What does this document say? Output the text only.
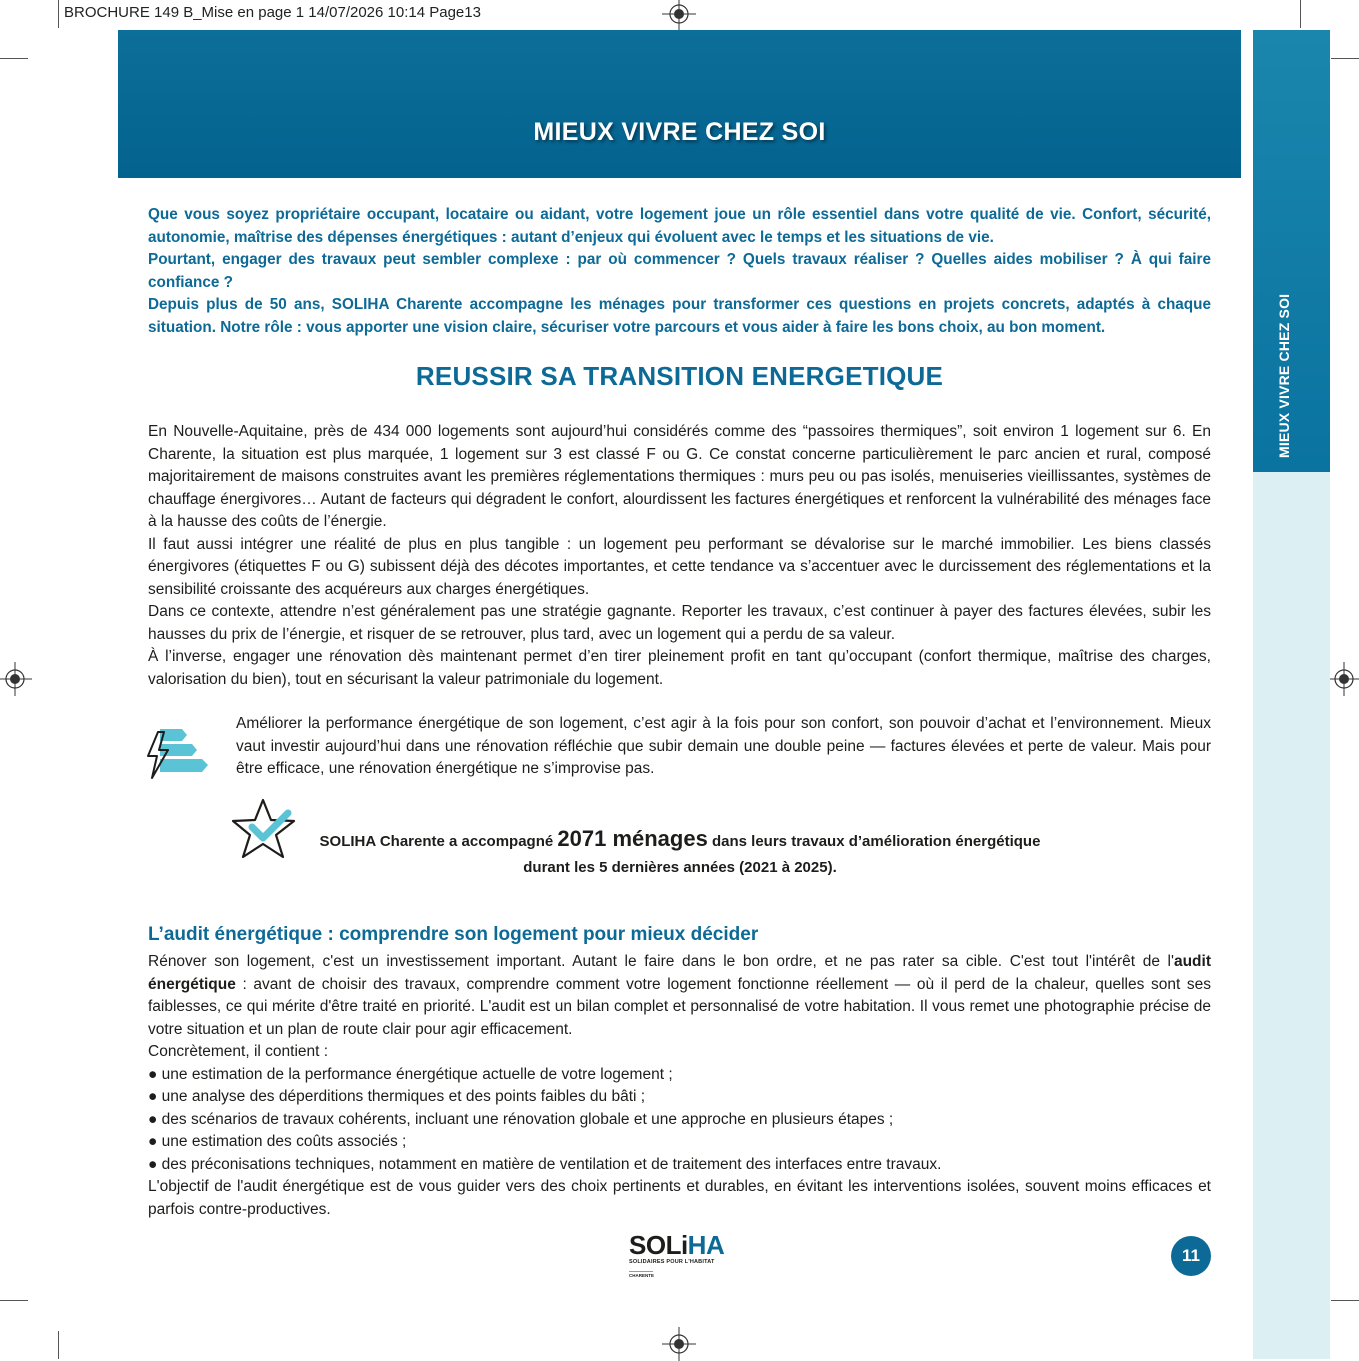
BROCHURE 149 B_Mise en page 1 14/07/2026 10:14 Page13
MIEUX VIVRE CHEZ SOI
MIEUX VIVRE CHEZ SOI

Que vous soyez propriétaire occupant, locataire ou aidant, votre logement joue un rôle essentiel dans votre qualité de vie. Confort, sécurité, autonomie, maîtrise des dépenses énergétiques : autant d’enjeux qui évoluent avec le temps et les situations de vie.

Pourtant, engager des travaux peut sembler complexe : par où commencer ? Quels travaux réaliser ? Quelles aides mobiliser ? À qui faire confiance ?

Depuis plus de 50 ans, SOLIHA Charente accompagne les ménages pour transformer ces questions en projets concrets, adaptés à chaque situation. Notre rôle : vous apporter une vision claire, sécuriser votre parcours et vous aider à faire les bons choix, au bon moment.

REUSSIR SA TRANSITION ENERGETIQUE

En Nouvelle-Aquitaine, près de 434 000 logements sont aujourd’hui considérés comme des “passoires thermiques”, soit environ 1 logement sur 6. En Charente, la situation est plus marquée, 1 logement sur 3 est classé F ou G. Ce constat concerne particulièrement le parc ancien et rural, composé majoritairement de maisons construites avant les premières réglementations thermiques : murs peu ou pas isolés, menuiseries vieillissantes, systèmes de chauffage énergivores… Autant de facteurs qui dégradent le confort, alourdissent les factures énergétiques et renforcent la vulnérabilité des ménages face à la hausse des coûts de l’énergie.

Il faut aussi intégrer une réalité de plus en plus tangible : un logement peu performant se dévalorise sur le marché immobilier. Les biens classés énergivores (étiquettes F ou G) subissent déjà des décotes importantes, et cette tendance va s’accentuer avec le durcissement des réglementations et la sensibilité croissante des acquéreurs aux charges énergétiques.

Dans ce contexte, attendre n’est généralement pas une stratégie gagnante. Reporter les travaux, c’est continuer à payer des factures élevées, subir les hausses du prix de l’énergie, et risquer de se retrouver, plus tard, avec un logement qui a perdu de sa valeur.

À l’inverse, engager une rénovation dès maintenant permet d’en tirer pleinement profit en tant qu’occupant (confort thermique, maîtrise des charges, valorisation du bien), tout en sécurisant la valeur patrimoniale du logement.

Améliorer la performance énergétique de son logement, c’est agir à la fois pour son confort, son pouvoir d’achat et l’environnement. Mieux vaut investir aujourd’hui dans une rénovation réfléchie que subir demain une double peine — factures élevées et perte de valeur. Mais pour être efficace, une rénovation énergétique ne s’improvise pas.
SOLIHA Charente a accompagné 2071 ménages dans leurs travaux d’amélioration énergétique
durant les 5 dernières années (2021 à 2025).
L’audit énergétique : comprendre son logement pour mieux décider

Rénover son logement, c'est un investissement important. Autant le faire dans le bon ordre, et ne pas rater sa cible. C'est tout l'intérêt de l'audit énergétique : avant de choisir des travaux, comprendre comment votre logement fonctionne réellement — où il perd de la chaleur, quelles sont ses faiblesses, ce qui mérite d'être traité en priorité. L'audit est un bilan complet et personnalisé de votre habitation. Il vous remet une photographie précise de votre situation et un plan de route clair pour agir efficacement.

Concrètement, il contient :

● une estimation de la performance énergétique actuelle de votre logement ;

● une analyse des déperditions thermiques et des points faibles du bâti ;

● des scénarios de travaux cohérents, incluant une rénovation globale et une approche en plusieurs étapes ;

● une estimation des coûts associés ;

● des préconisations techniques, notamment en matière de ventilation et de traitement des interfaces entre travaux.

L'objectif de l'audit énergétique est de vous guider vers des choix pertinents et durables, en évitant les interventions isolées, souvent moins efficaces et parfois contre-productives.

SOLiHA
SOLIDAIRES POUR L'HABITAT
CHARENTE
11
